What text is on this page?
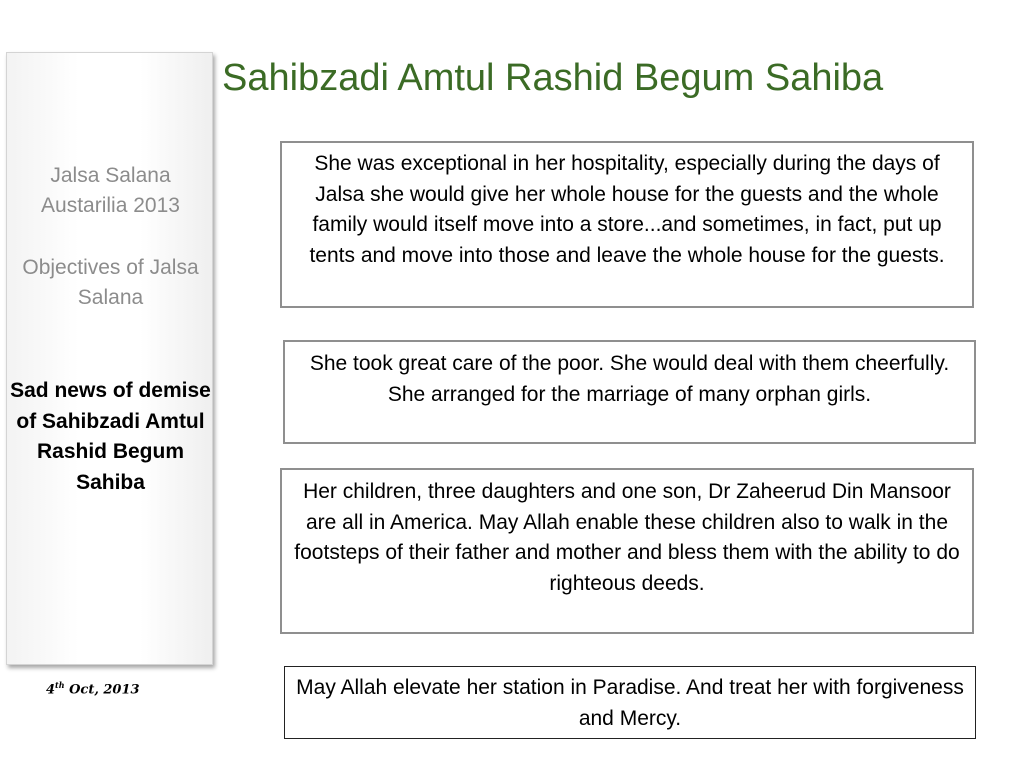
Jalsa Salana Austarilia 2013
Objectives of Jalsa Salana
Sad news of demise of Sahibzadi Amtul Rashid Begum Sahiba
4th Oct, 2013
Sahibzadi Amtul Rashid Begum Sahiba
She was exceptional in her hospitality, especially during the days of Jalsa she would give her whole house for the guests and the whole family would itself move into a store...and sometimes, in fact, put up tents and move into those and leave the whole house for the guests.
She took great care of the poor. She would deal with them cheerfully. She arranged for the marriage of many orphan girls.
Her children, three daughters and one son, Dr Zaheerud Din Mansoor are all in America. May Allah enable these children also to walk in the footsteps of their father and mother and bless them with the ability to do righteous deeds.
May Allah elevate her station in Paradise. And treat her with forgiveness and Mercy.
